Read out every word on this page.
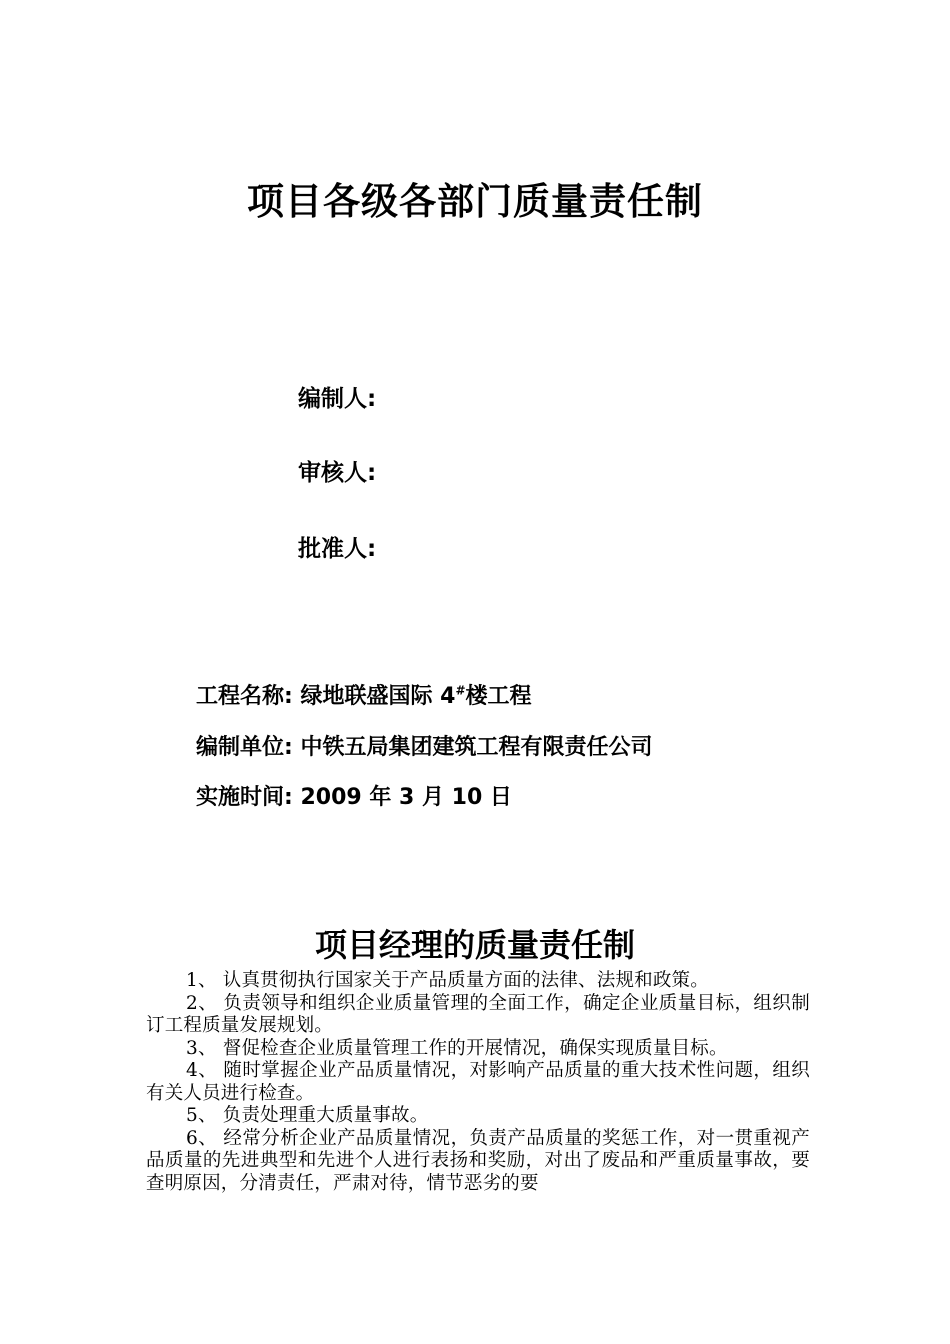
项目各级各部门质量责任制
编制人:
审核人:
批准人:
工程名称: 绿地联盛国际 4#楼工程
编制单位: 中铁五局集团建筑工程有限责任公司
实施时间: 2009 年 3 月 10 日
项目经理的质量责任制

1、 认真贯彻执行国家关于产品质量方面的法律、法规和政策。

2、 负责领导和组织企业质量管理的全面工作，确定企业质量目标，组织制订工程质量发展规划。

3、 督促检查企业质量管理工作的开展情况，确保实现质量目标。

4、 随时掌握企业产品质量情况，对影响产品质量的重大技术性问题，组织有关人员进行检查。

5、 负责处理重大质量事故。

6、 经常分析企业产品质量情况，负责产品质量的奖惩工作，对一贯重视产品质量的先进典型和先进个人进行表扬和奖励，对出了废品和严重质量事故，要查明原因，分清责任，严肃对待，情节恶劣的要
